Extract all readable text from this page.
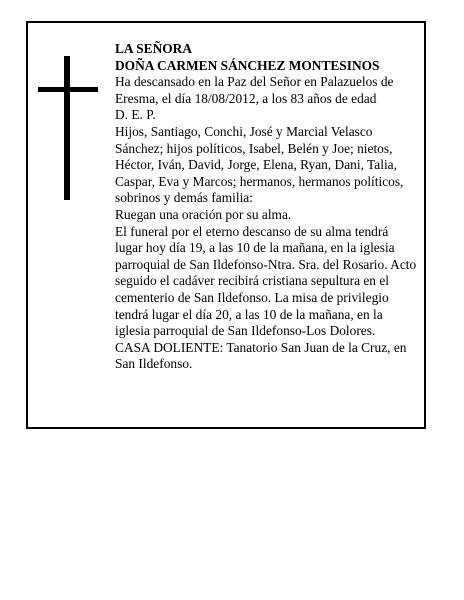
LA SEÑORA
DOÑA CARMEN SÁNCHEZ MONTESINOS

Ha descansado en la Paz del Señor en Palazuelos de Eresma, el día 18/08/2012, a los 83 años de edad

D. E. P.

Hijos, Santiago, Conchi, José y Marcial Velasco Sánchez; hijos políticos, Isabel, Belén y Joe; nietos, Héctor, Iván, David, Jorge, Elena, Ryan, Dani, Talia, Caspar, Eva y Marcos; hermanos, hermanos políticos, sobrinos y demás familia:

Ruegan una oración por su alma.

El funeral por el eterno descanso de su alma tendrá lugar hoy día 19, a las 10 de la mañana, en la iglesia parroquial de San Ildefonso-Ntra. Sra. del Rosario. Acto seguido el cadáver recibirá cristiana sepultura en el cementerio de San Ildefonso. La misa de privilegio tendrá lugar el día 20, a las 10 de la mañana, en la iglesia parroquial de San Ildefonso-Los Dolores.

CASA DOLIENTE: Tanatorio San Juan de la Cruz, en San Ildefonso.
